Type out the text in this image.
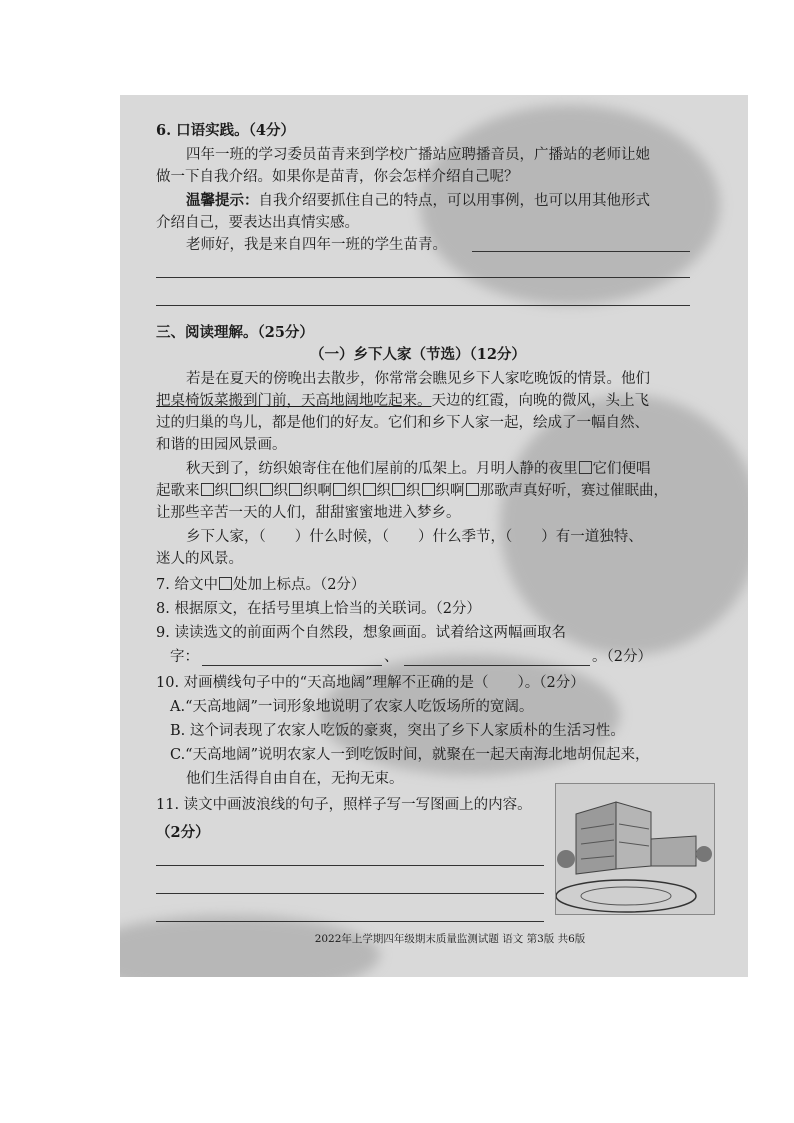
6. 口语实践。（4分）
四年一班的学习委员苗青来到学校广播站应聘播音员，广播站的老师让她
做一下自我介绍。如果你是苗青，你会怎样介绍自己呢？
温馨提示：自我介绍要抓住自己的特点，可以用事例，也可以用其他形式
介绍自己，要表达出真情实感。
老师好，我是来自四年一班的学生苗青。
三、阅读理解。（25分）
（一）乡下人家（节选）（12分）
若是在夏天的傍晚出去散步，你常常会瞧见乡下人家吃晚饭的情景。他们
把桌椅饭菜搬到门前，天高地阔地吃起来。天边的红霞，向晚的微风，头上飞
过的归巢的鸟儿，都是他们的好友。它们和乡下人家一起，绘成了一幅自然、
和谐的田园风景画。
秋天到了，纺织娘寄住在他们屋前的瓜架上。月明人静的夜里 它们便唱
起歌来 织 织 织 织啊 织 织 织 织啊 那歌声真好听，赛过催眠曲，
让那些辛苦一天的人们，甜甜蜜蜜地进入梦乡。
乡下人家，（　　）什么时候，（　　）什么季节，（　　）有一道独特、
迷人的风景。
7. 给文中 处加上标点。（2分）
8. 根据原文，在括号里填上恰当的关联词。（2分）
9. 读读选文的前面两个自然段，想象画面。试着给这两幅画取名
字：	、	。（2分）
10. 对画横线句子中的“天高地阔”理解不正确的是（　　）。（2分）
A.“天高地阔”一词形象地说明了农家人吃饭场所的宽阔。
B. 这个词表现了农家人吃饭的豪爽，突出了乡下人家质朴的生活习性。
C.“天高地阔”说明农家人一到吃饭时间，就聚在一起天南海北地胡侃起来，
他们生活得自由自在，无拘无束。
11. 读文中画波浪线的句子，照样子写一写图画上的内容。
（2分）
2022年上学期四年级期末质量监测试题 语文 第3版 共6版
